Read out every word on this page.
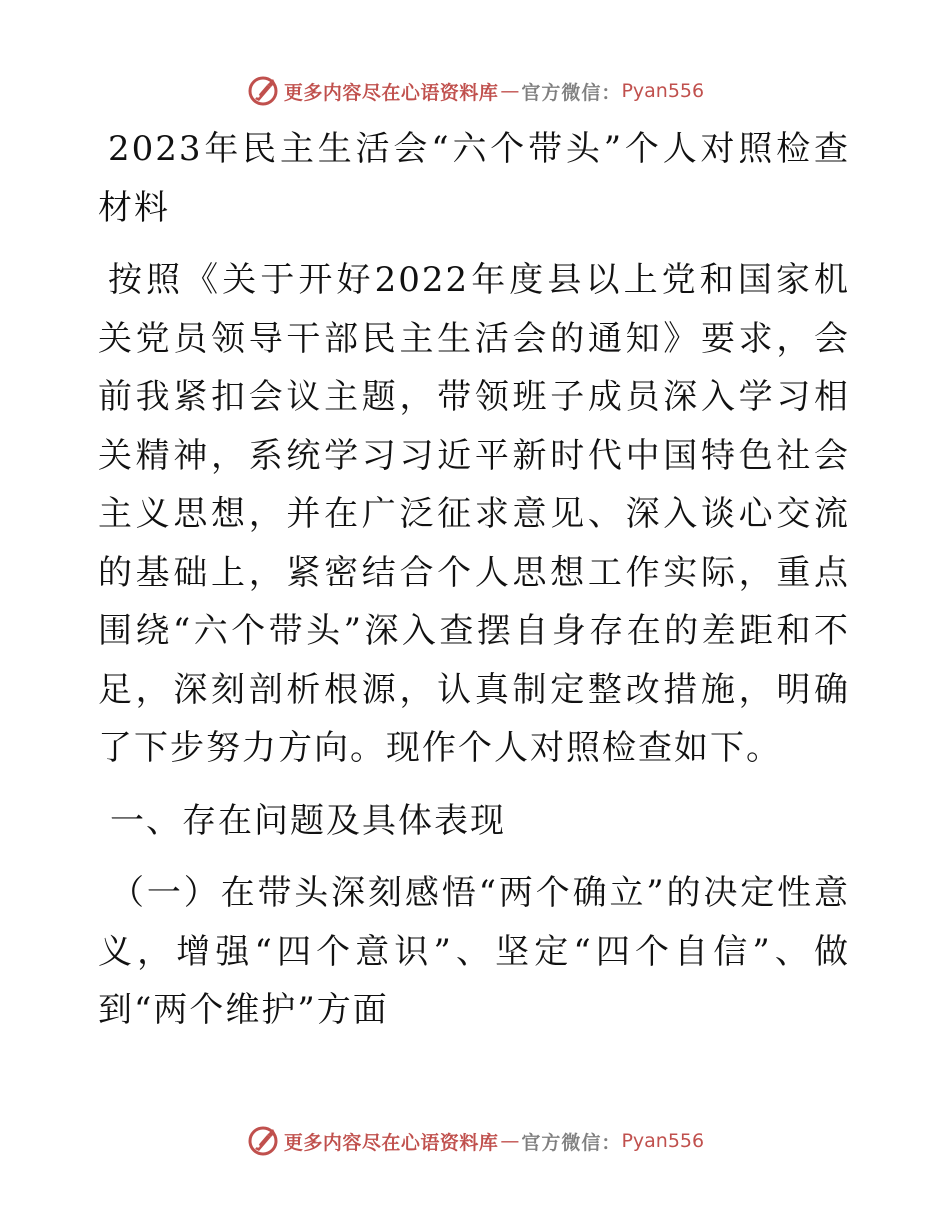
更多内容尽在心语资料库 — 官方微信： Pyan556

2023年民主生活会“六个带头”个人对照检查材料

按照《关于开好2022年度县以上党和国家机关党员领导干部民主生活会的通知》要求，会前我紧扣会议主题，带领班子成员深入学习相关精神，系统学习习近平新时代中国特色社会主义思想，并在广泛征求意见、深入谈心交流的基础上，紧密结合个人思想工作实际，重点围绕“六个带头”深入查摆自身存在的差距和不足，深刻剖析根源，认真制定整改措施，明确了下步努力方向。现作个人对照检查如下。

一、存在问题及具体表现

（一）在带头深刻感悟“两个确立”的决定性意义，增强“四个意识”、坚定“四个自信”、做到“两个维护”方面

更多内容尽在心语资料库 — 官方微信： Pyan556
